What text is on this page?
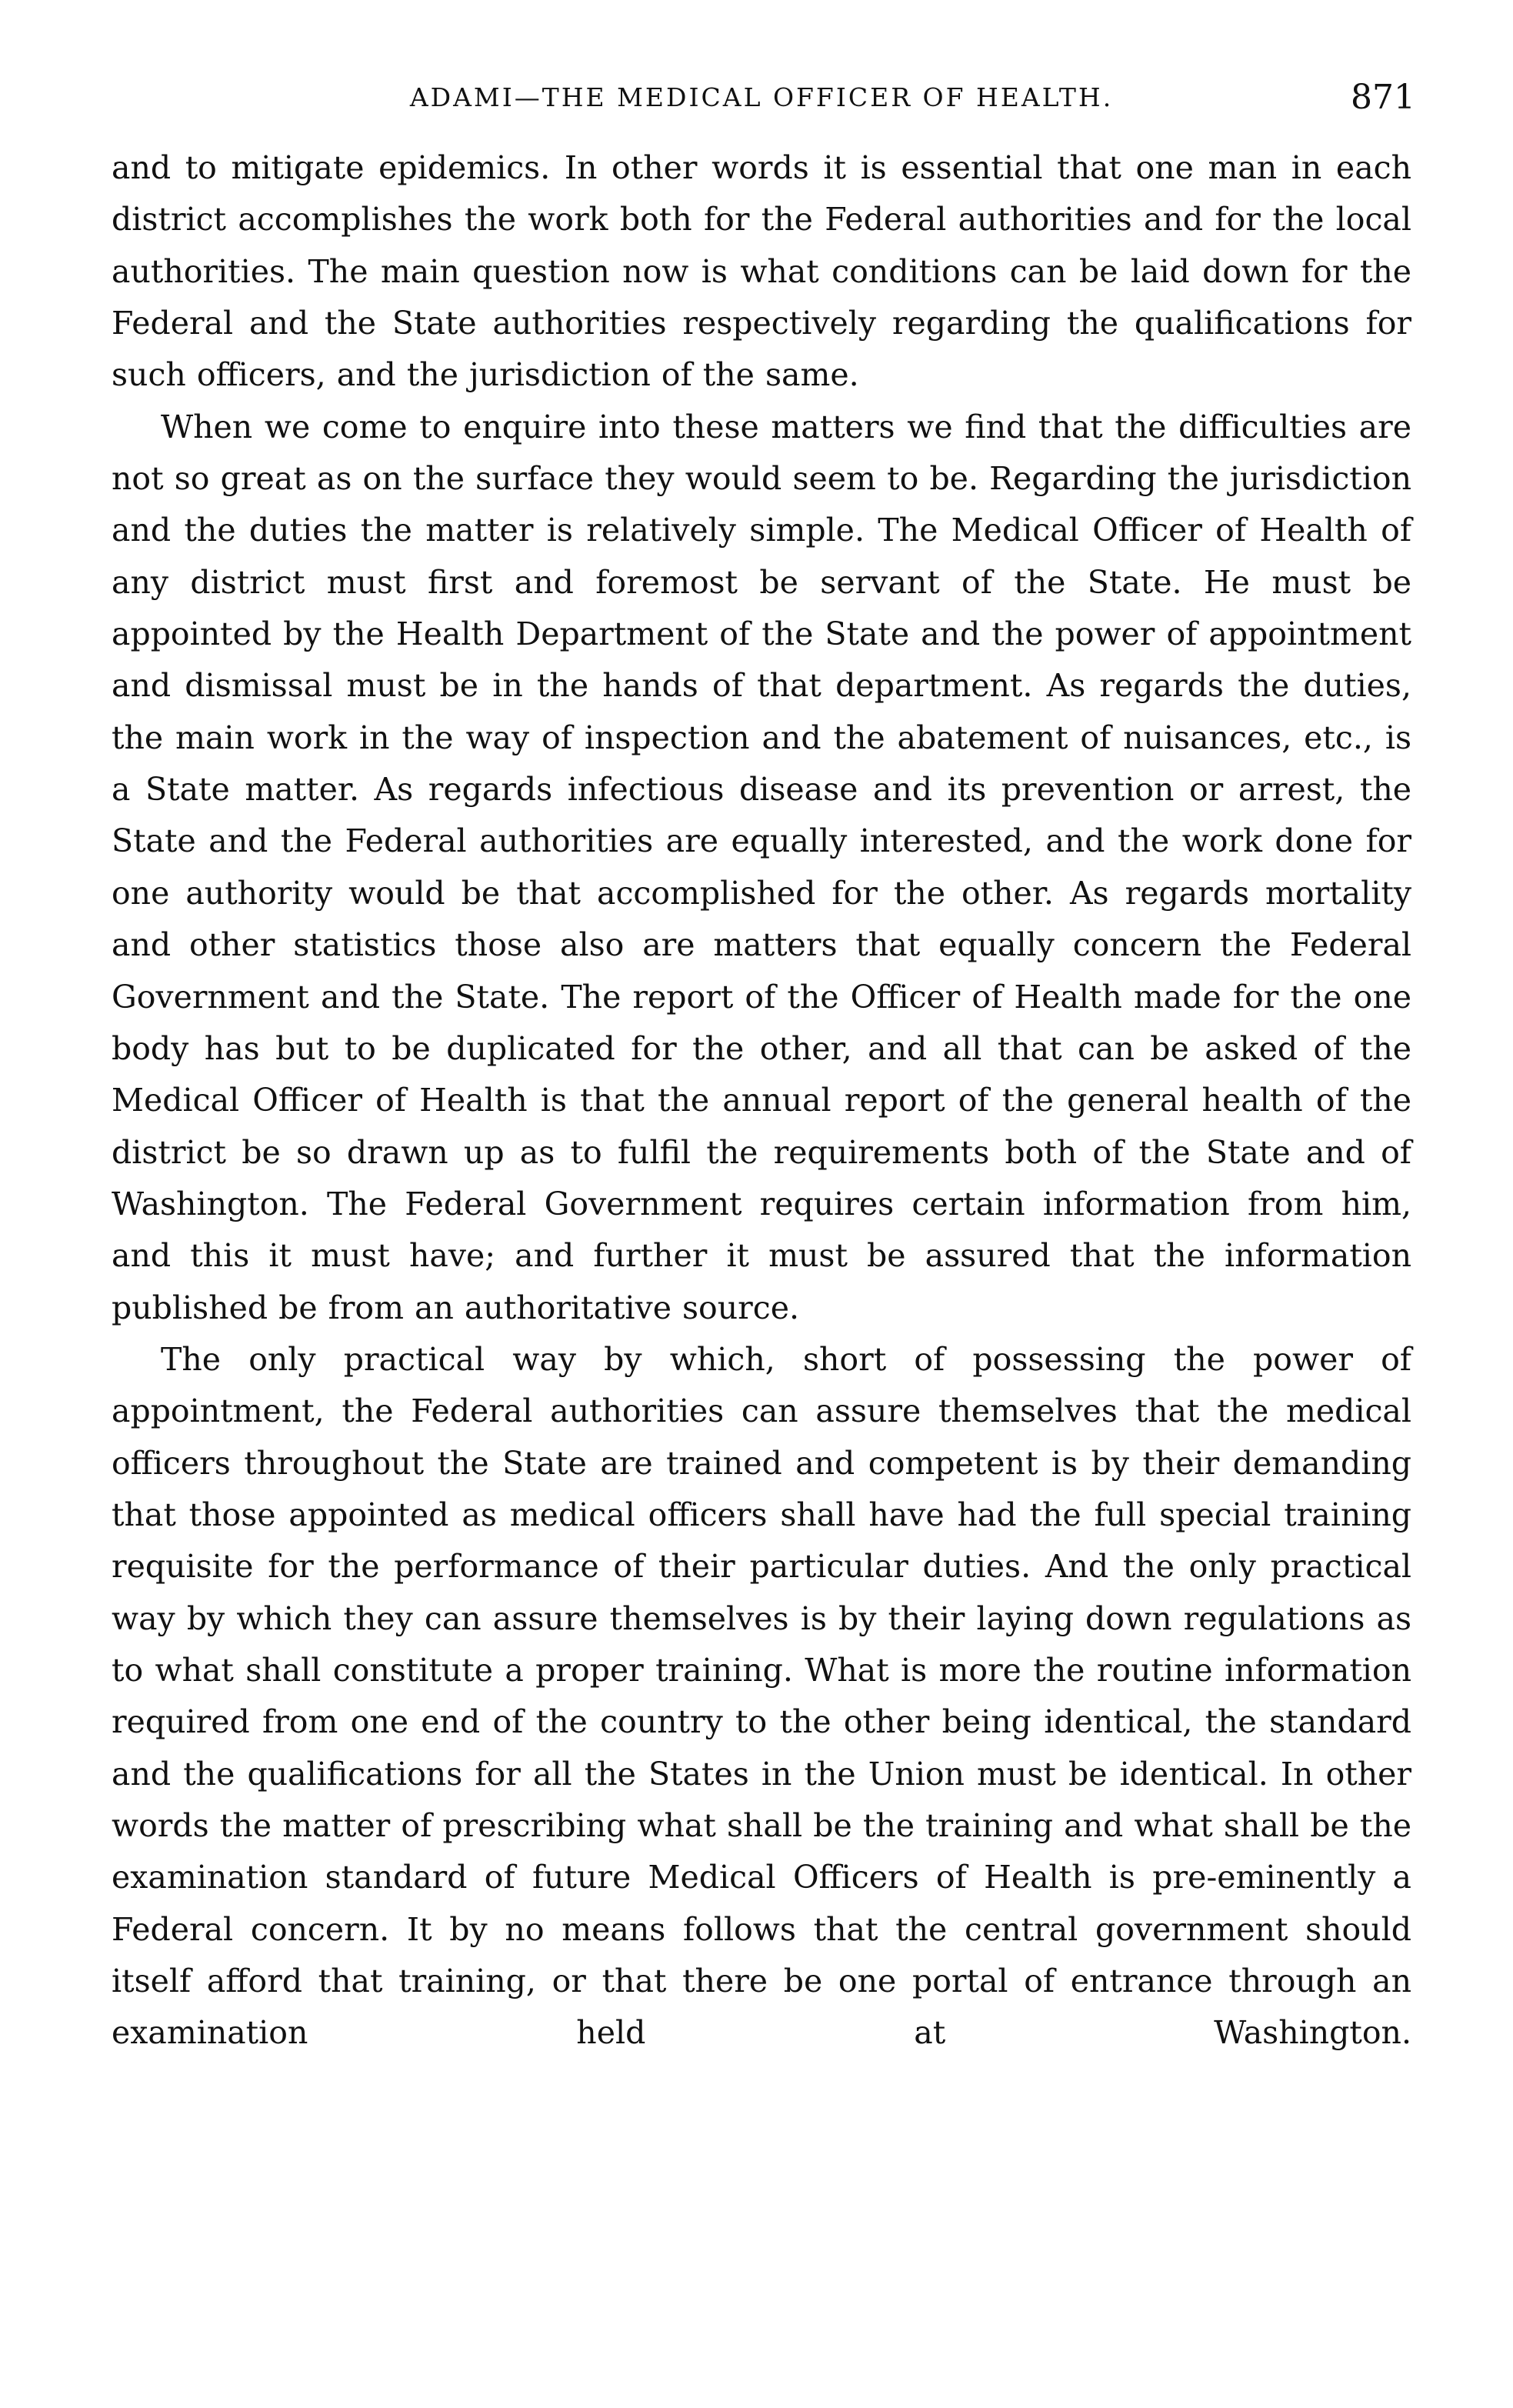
ADAMI—THE MEDICAL OFFICER OF HEALTH.	871

and to mitigate epidemics. In other words it is essential that one man in each district accomplishes the work both for the Federal authorities and for the local authorities. The main question now is what conditions can be laid down for the Federal and the State authorities respectively regarding the qualifications for such officers, and the jurisdiction of the same.

When we come to enquire into these matters we find that the difficulties are not so great as on the surface they would seem to be. Regarding the jurisdiction and the duties the matter is relatively simple. The Medical Officer of Health of any district must first and foremost be servant of the State. He must be appointed by the Health Department of the State and the power of appointment and dismissal must be in the hands of that department. As regards the duties, the main work in the way of inspection and the abatement of nuisances, etc., is a State matter. As regards infectious disease and its prevention or arrest, the State and the Federal authorities are equally interested, and the work done for one authority would be that accomplished for the other. As regards mortality and other statistics those also are matters that equally concern the Federal Government and the State. The report of the Officer of Health made for the one body has but to be duplicated for the other, and all that can be asked of the Medical Officer of Health is that the annual report of the general health of the district be so drawn up as to fulfil the requirements both of the State and of Washington. The Federal Government requires certain information from him, and this it must have; and further it must be assured that the information published be from an authoritative source.

The only practical way by which, short of possessing the power of appointment, the Federal authorities can assure themselves that the medical officers throughout the State are trained and competent is by their demanding that those appointed as medical officers shall have had the full special training requisite for the performance of their particular duties. And the only practical way by which they can assure themselves is by their laying down regulations as to what shall constitute a proper training. What is more the routine information required from one end of the country to the other being identical, the standard and the qualifications for all the States in the Union must be identical. In other words the matter of prescribing what shall be the training and what shall be the examination standard of future Medical Officers of Health is pre-eminently a Federal concern. It by no means follows that the central government should itself afford that training, or that there be one portal of entrance through an examination held at Washington.
